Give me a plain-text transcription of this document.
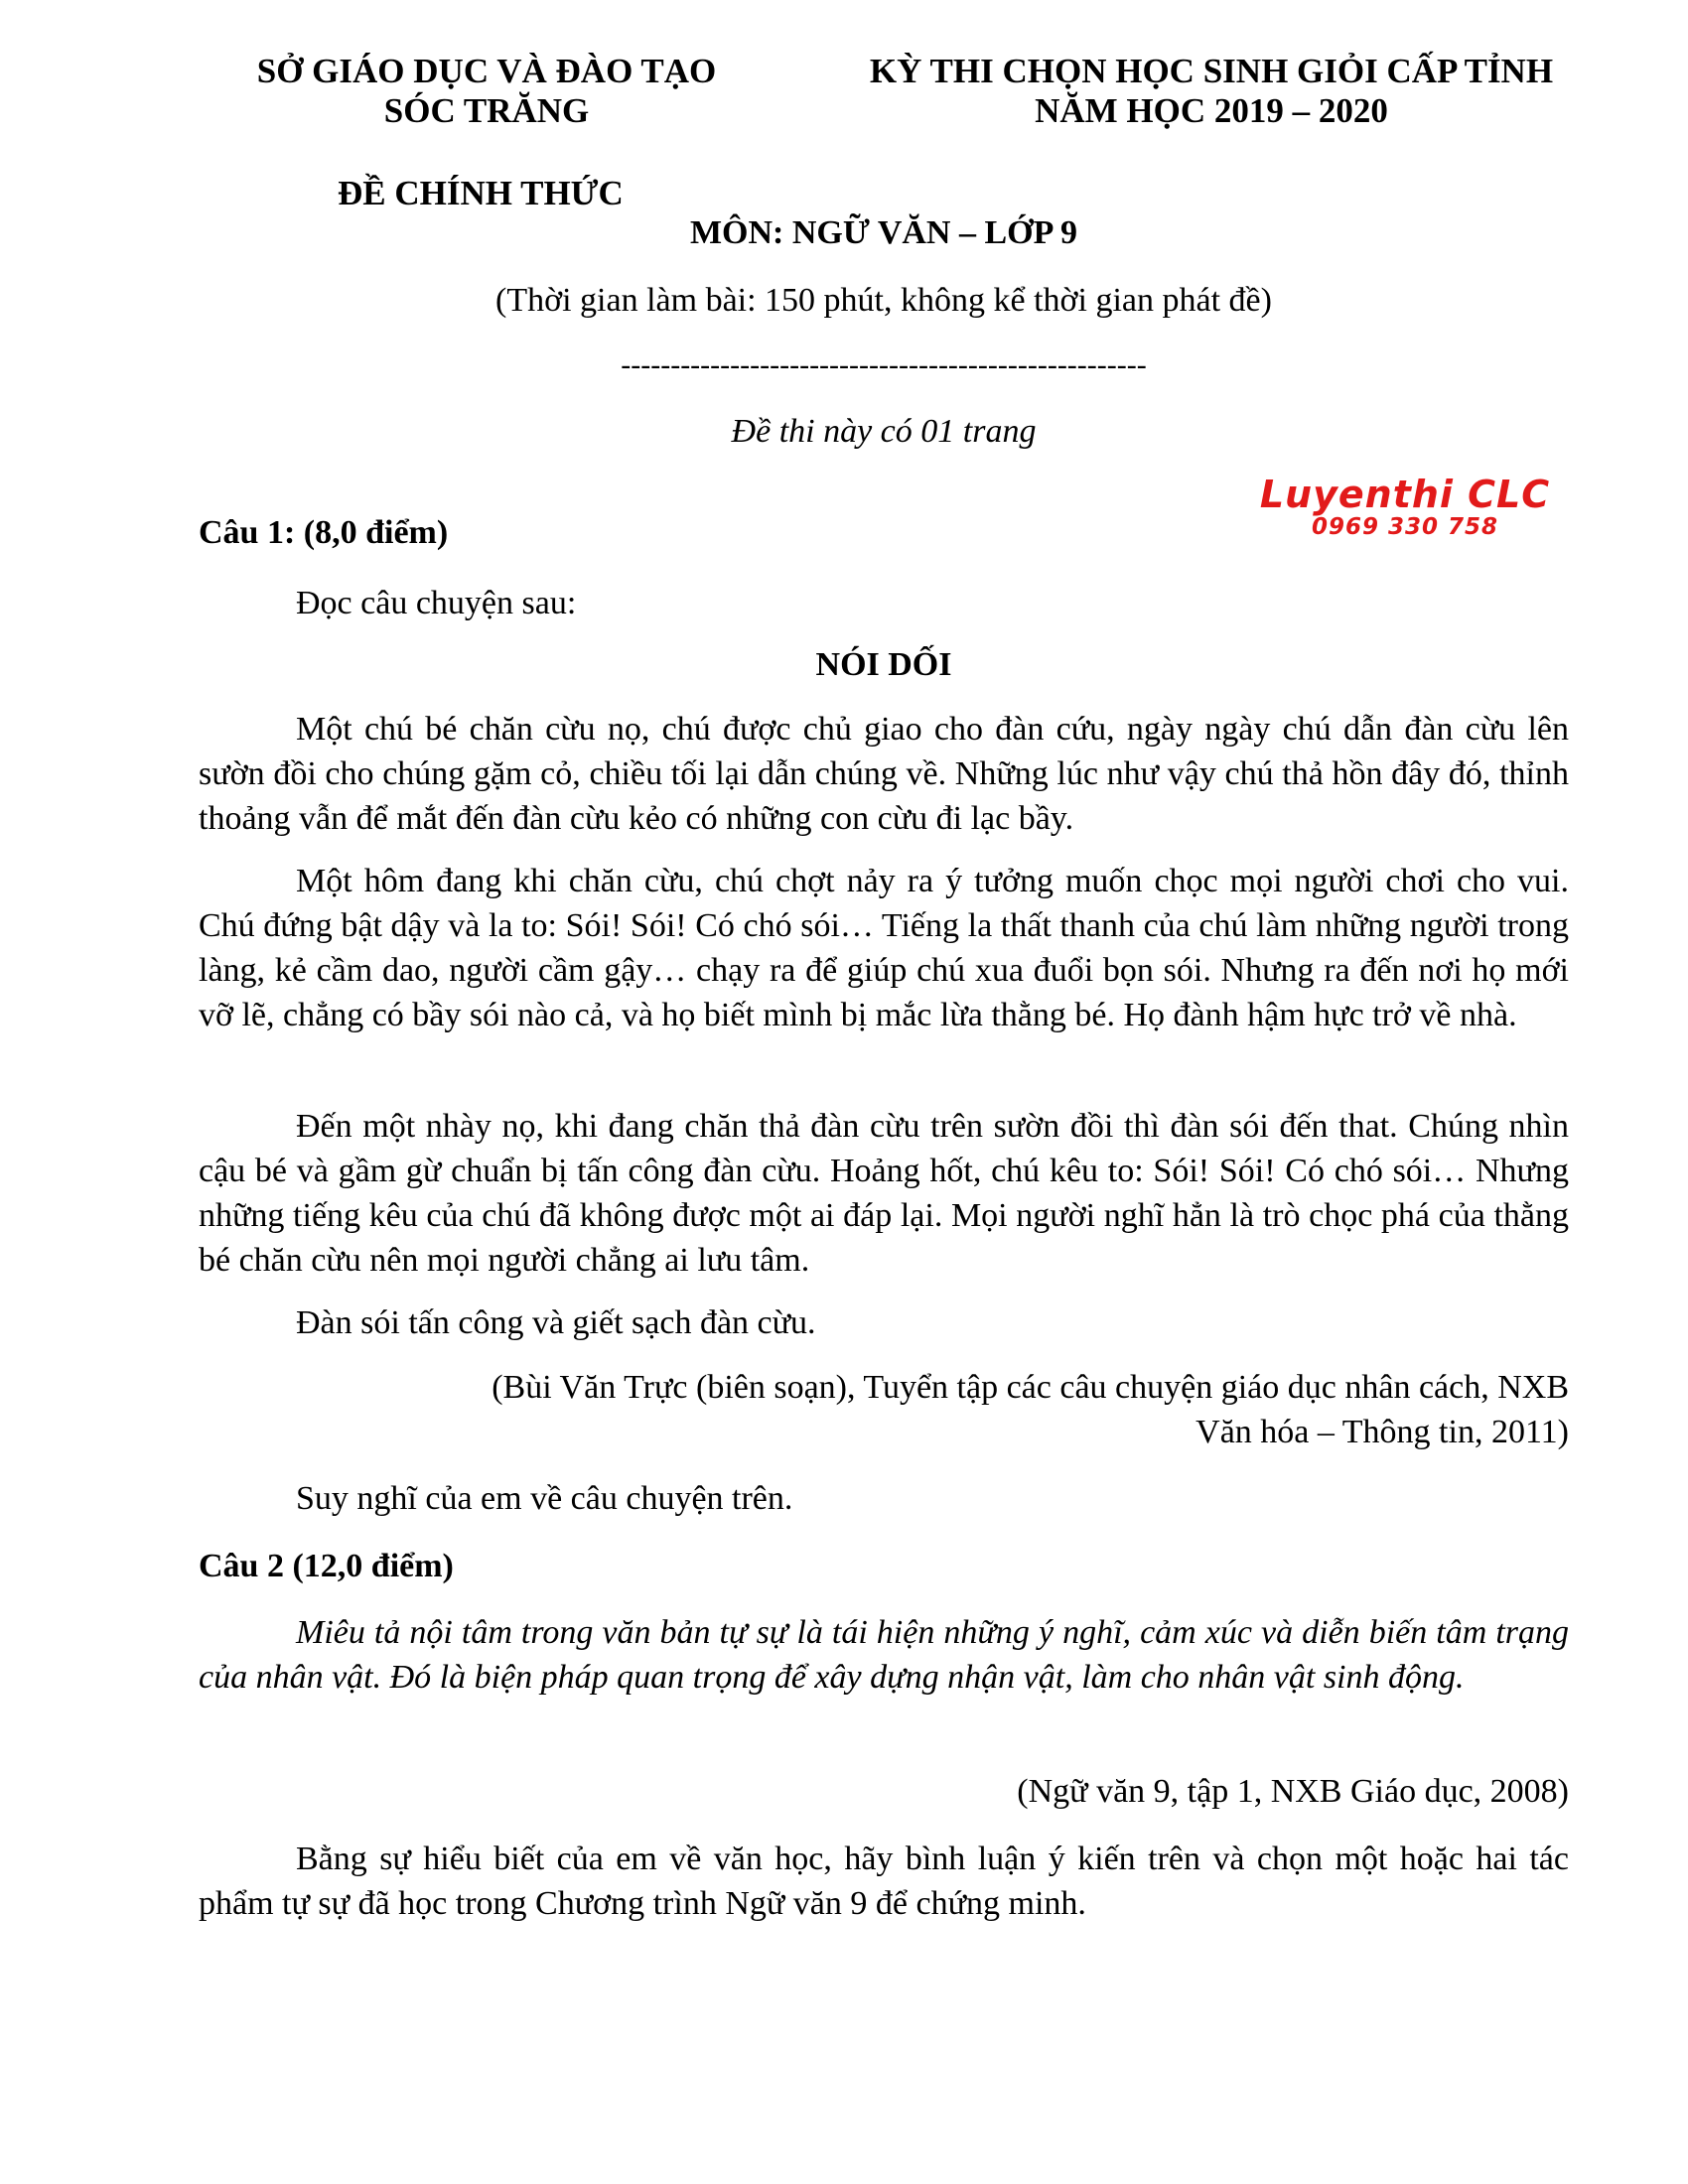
SỞ GIÁO DỤC VÀ ĐÀO TẠO
SÓC TRĂNG
KỲ THI CHỌN HỌC SINH GIỎI CẤP TỈNH
NĂM HỌC 2019 – 2020
ĐỀ CHÍNH THỨC
MÔN: NGỮ VĂN – LỚP 9
(Thời gian làm bài: 150 phút, không kể thời gian phát đề)
-----------------------------------------------------
Đề thi này có 01 trang
Luyenthi CLC
0969 330 758
Câu 1: (8,0 điểm)
Đọc câu chuyện sau:
NÓI DỐI
Một chú bé chăn cừu nọ, chú được chủ giao cho đàn cứu, ngày ngày chú dẫn đàn cừu lên sườn đồi cho chúng gặm cỏ, chiều tối lại dẫn chúng về. Những lúc như vậy chú thả hồn đây đó, thỉnh thoảng vẫn để mắt đến đàn cừu kẻo có những con cừu đi lạc bầy.
Một hôm đang khi chăn cừu, chú chợt nảy ra ý tưởng muốn chọc mọi người chơi cho vui. Chú đứng bật dậy và la to: Sói! Sói! Có chó sói… Tiếng la thất thanh của chú làm những người trong làng, kẻ cầm dao, người cầm gậy… chạy ra để giúp chú xua đuổi bọn sói. Nhưng ra đến nơi họ mới vỡ lẽ, chẳng có bầy sói nào cả, và họ biết mình bị mắc lừa thằng bé. Họ đành hậm hực trở về nhà.
Đến một nhày nọ, khi đang chăn thả đàn cừu trên sườn đồi thì đàn sói đến that. Chúng nhìn cậu bé và gầm gừ chuẩn bị tấn công đàn cừu. Hoảng hốt, chú kêu to: Sói! Sói! Có chó sói… Nhưng những tiếng kêu của chú đã không được một ai đáp lại. Mọi người nghĩ hẳn là trò chọc phá của thằng bé chăn cừu nên mọi người chẳng ai lưu tâm.
Đàn sói tấn công và giết sạch đàn cừu.
(Bùi Văn Trực (biên soạn), Tuyển tập các câu chuyện giáo dục nhân cách, NXB
Văn hóa – Thông tin, 2011)
Suy nghĩ của em về câu chuyện trên.
Câu 2 (12,0 điểm)
Miêu tả nội tâm trong văn bản tự sự là tái hiện những ý nghĩ, cảm xúc và diễn biến tâm trạng của nhân vật. Đó là biện pháp quan trọng để xây dựng nhận vật, làm cho nhân vật sinh động.
(Ngữ văn 9, tập 1, NXB Giáo dục, 2008)
Bằng sự hiểu biết của em về văn học, hãy bình luận ý kiến trên và chọn một hoặc hai tác phẩm tự sự đã học trong Chương trình Ngữ văn 9 để chứng minh.
